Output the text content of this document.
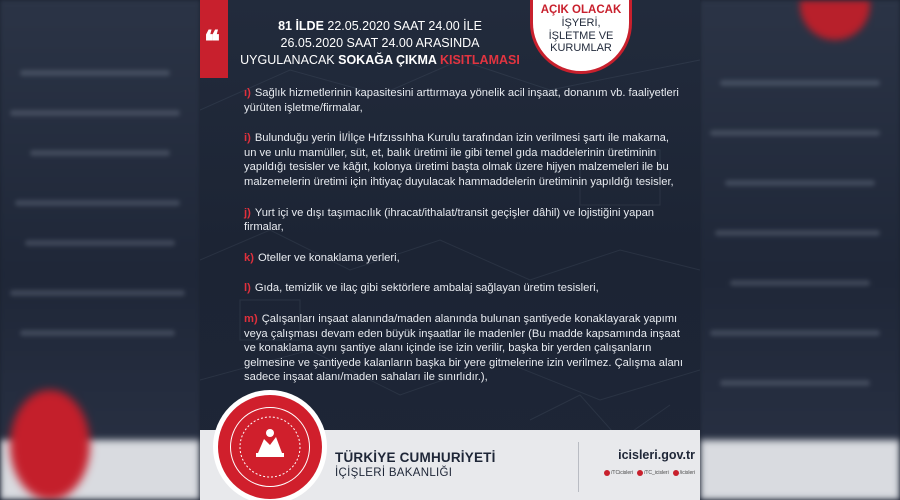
❝	81 İLDE 22.05.2020 SAAT 24.00 İLE
26.05.2020 SAAT 24.00 ARASINDA
UYGULANACAK SOKAĞA ÇIKMA KISITLAMASI
AÇIK OLACAK
İŞYERİ,
İŞLETME VE
KURUMLAR
ı) Sağlık hizmetlerinin kapasitesini arttırmaya yönelik acil inşaat, donanım vb. faaliyetleri yürüten işletme/firmalar,
i) Bulunduğu yerin İl/İlçe Hıfzıssıhha Kurulu tarafından izin verilmesi şartı ile makarna, un ve unlu mamüller, süt, et, balık üretimi ile gibi temel gıda maddelerinin üretiminin yapıldığı tesisler ve kâğıt, kolonya üretimi başta olmak üzere hijyen malzemeleri ile bu malzemelerin üretimi için ihtiyaç duyulacak hammaddelerin üretiminin yapıldığı tesisler,
j) Yurt içi ve dışı taşımacılık (ihracat/ithalat/transit geçişler dâhil) ve lojistiğini yapan firmalar,
k) Oteller ve konaklama yerleri,
l) Gıda, temizlik ve ilaç gibi sektörlere ambalaj sağlayan üretim tesisleri,
m) Çalışanları inşaat alanında/maden alanında bulunan şantiyede konaklayarak yapımı veya çalışması devam eden büyük inşaatlar ile madenler (Bu madde kapsamında inşaat ve konaklama aynı şantiye alanı içinde ise izin verilir, başka bir yerden çalışanların gelmesine ve şantiyede kalanların başka bir yere gitmelerine izin verilmez. Çalışma alanı sadece inşaat alanı/maden sahaları ile sınırlıdır.),
TÜRKİYE CUMHURİYETİ
İÇİŞLERİ BAKANLIĞI
icisleri.gov.tr
/TCicisleri /TC_icisleri /icisleri
